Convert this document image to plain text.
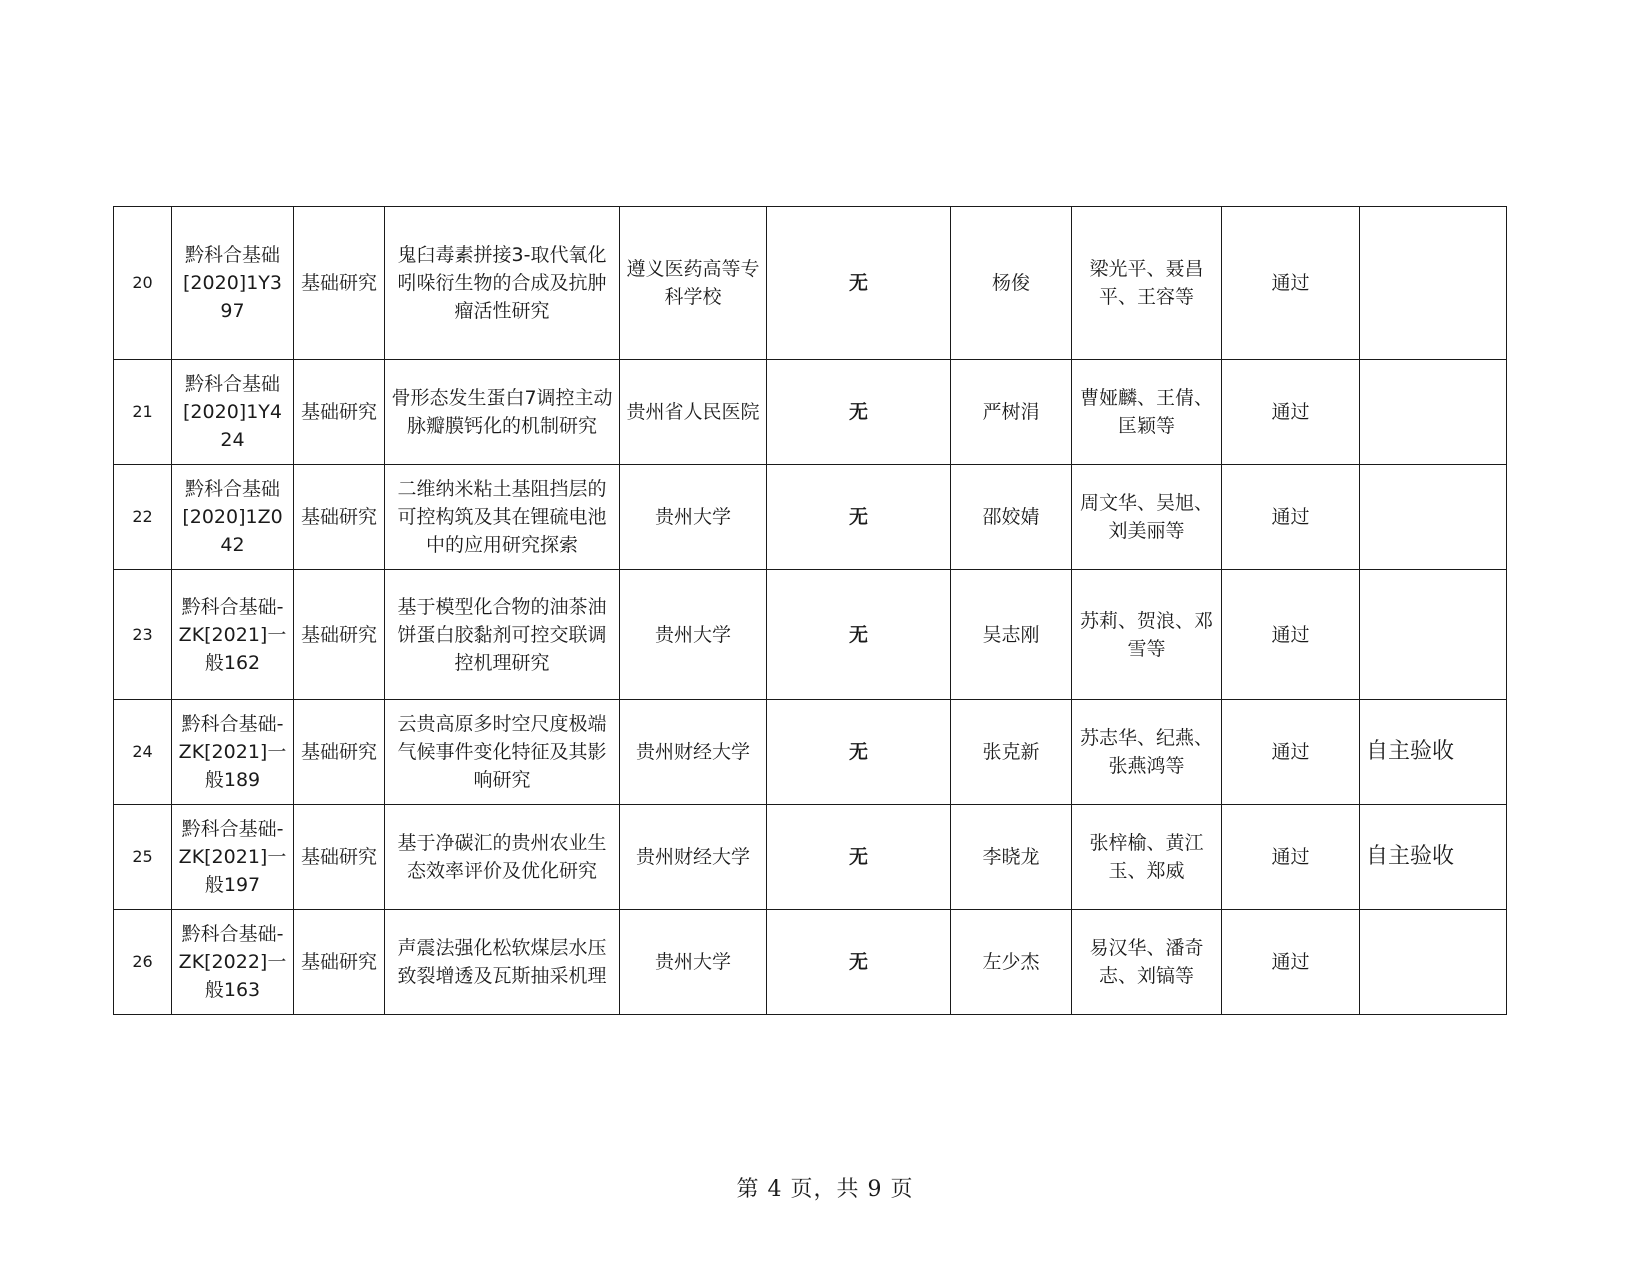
20	黔科合基础[2020]1Y397	基础研究	鬼臼毒素拼接3-取代氧化吲哚衍生物的合成及抗肿瘤活性研究	遵义医药高等专科学校	无	杨俊	梁光平、聂昌平、王容等	通过	
21	黔科合基础[2020]1Y424	基础研究	骨形态发生蛋白7调控主动脉瓣膜钙化的机制研究	贵州省人民医院	无	严树涓	曹娅麟、王倩、匡颖等	通过	
22	黔科合基础[2020]1Z042	基础研究	二维纳米粘土基阻挡层的可控构筑及其在锂硫电池中的应用研究探索	贵州大学	无	邵姣婧	周文华、吴旭、刘美丽等	通过	
23	黔科合基础-ZK[2021]一般162	基础研究	基于模型化合物的油茶油饼蛋白胶黏剂可控交联调控机理研究	贵州大学	无	吴志刚	苏莉、贺浪、邓雪等	通过	
24	黔科合基础-ZK[2021]一般189	基础研究	云贵高原多时空尺度极端气候事件变化特征及其影响研究	贵州财经大学	无	张克新	苏志华、纪燕、张燕鸿等	通过	自主验收
25	黔科合基础-ZK[2021]一般197	基础研究	基于净碳汇的贵州农业生态效率评价及优化研究	贵州财经大学	无	李晓龙	张梓榆、黄江玉、郑威	通过	自主验收
26	黔科合基础-ZK[2022]一般163	基础研究	声震法强化松软煤层水压致裂增透及瓦斯抽采机理	贵州大学	无	左少杰	易汉华、潘奇志、刘镐等	通过	
第 4 页，共 9 页
